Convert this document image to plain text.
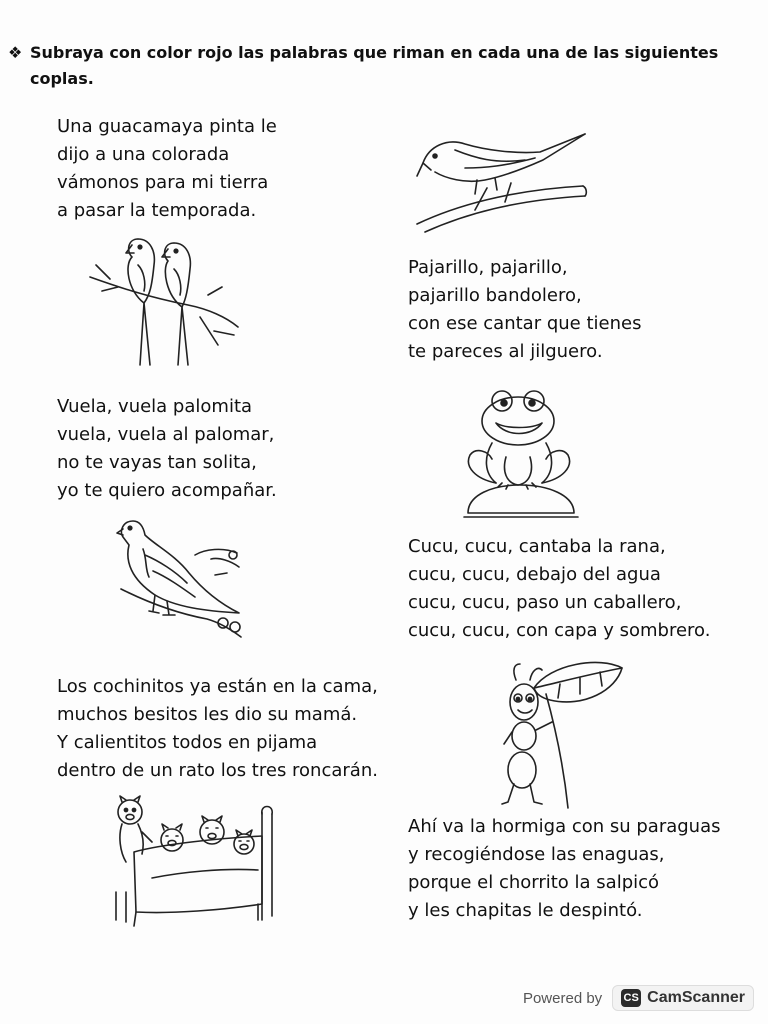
❖ Subraya con color rojo las palabras que riman en cada una de las siguientes
coplas.
Una guacamaya pinta le
dijo a una colorada
vámonos para mi tierra
a pasar la temporada.
Pajarillo, pajarillo,
pajarillo bandolero,
con ese cantar que tienes
te pareces al jilguero.
Vuela, vuela palomita
vuela, vuela al palomar,
no te vayas tan solita,
yo te quiero acompañar.
Cucu, cucu, cantaba la rana,
cucu, cucu, debajo del agua
cucu, cucu, paso un caballero,
cucu, cucu, con capa y sombrero.
Los cochinitos ya están en la cama,
muchos besitos les dio su mamá.
Y calientitos todos en pijama
dentro de un rato los tres roncarán.
Ahí va la hormiga con su paraguas
y recogiéndose las enaguas,
porque el chorrito la salpicó
y les chapitas le despintó.
Powered by CS CamScanner
